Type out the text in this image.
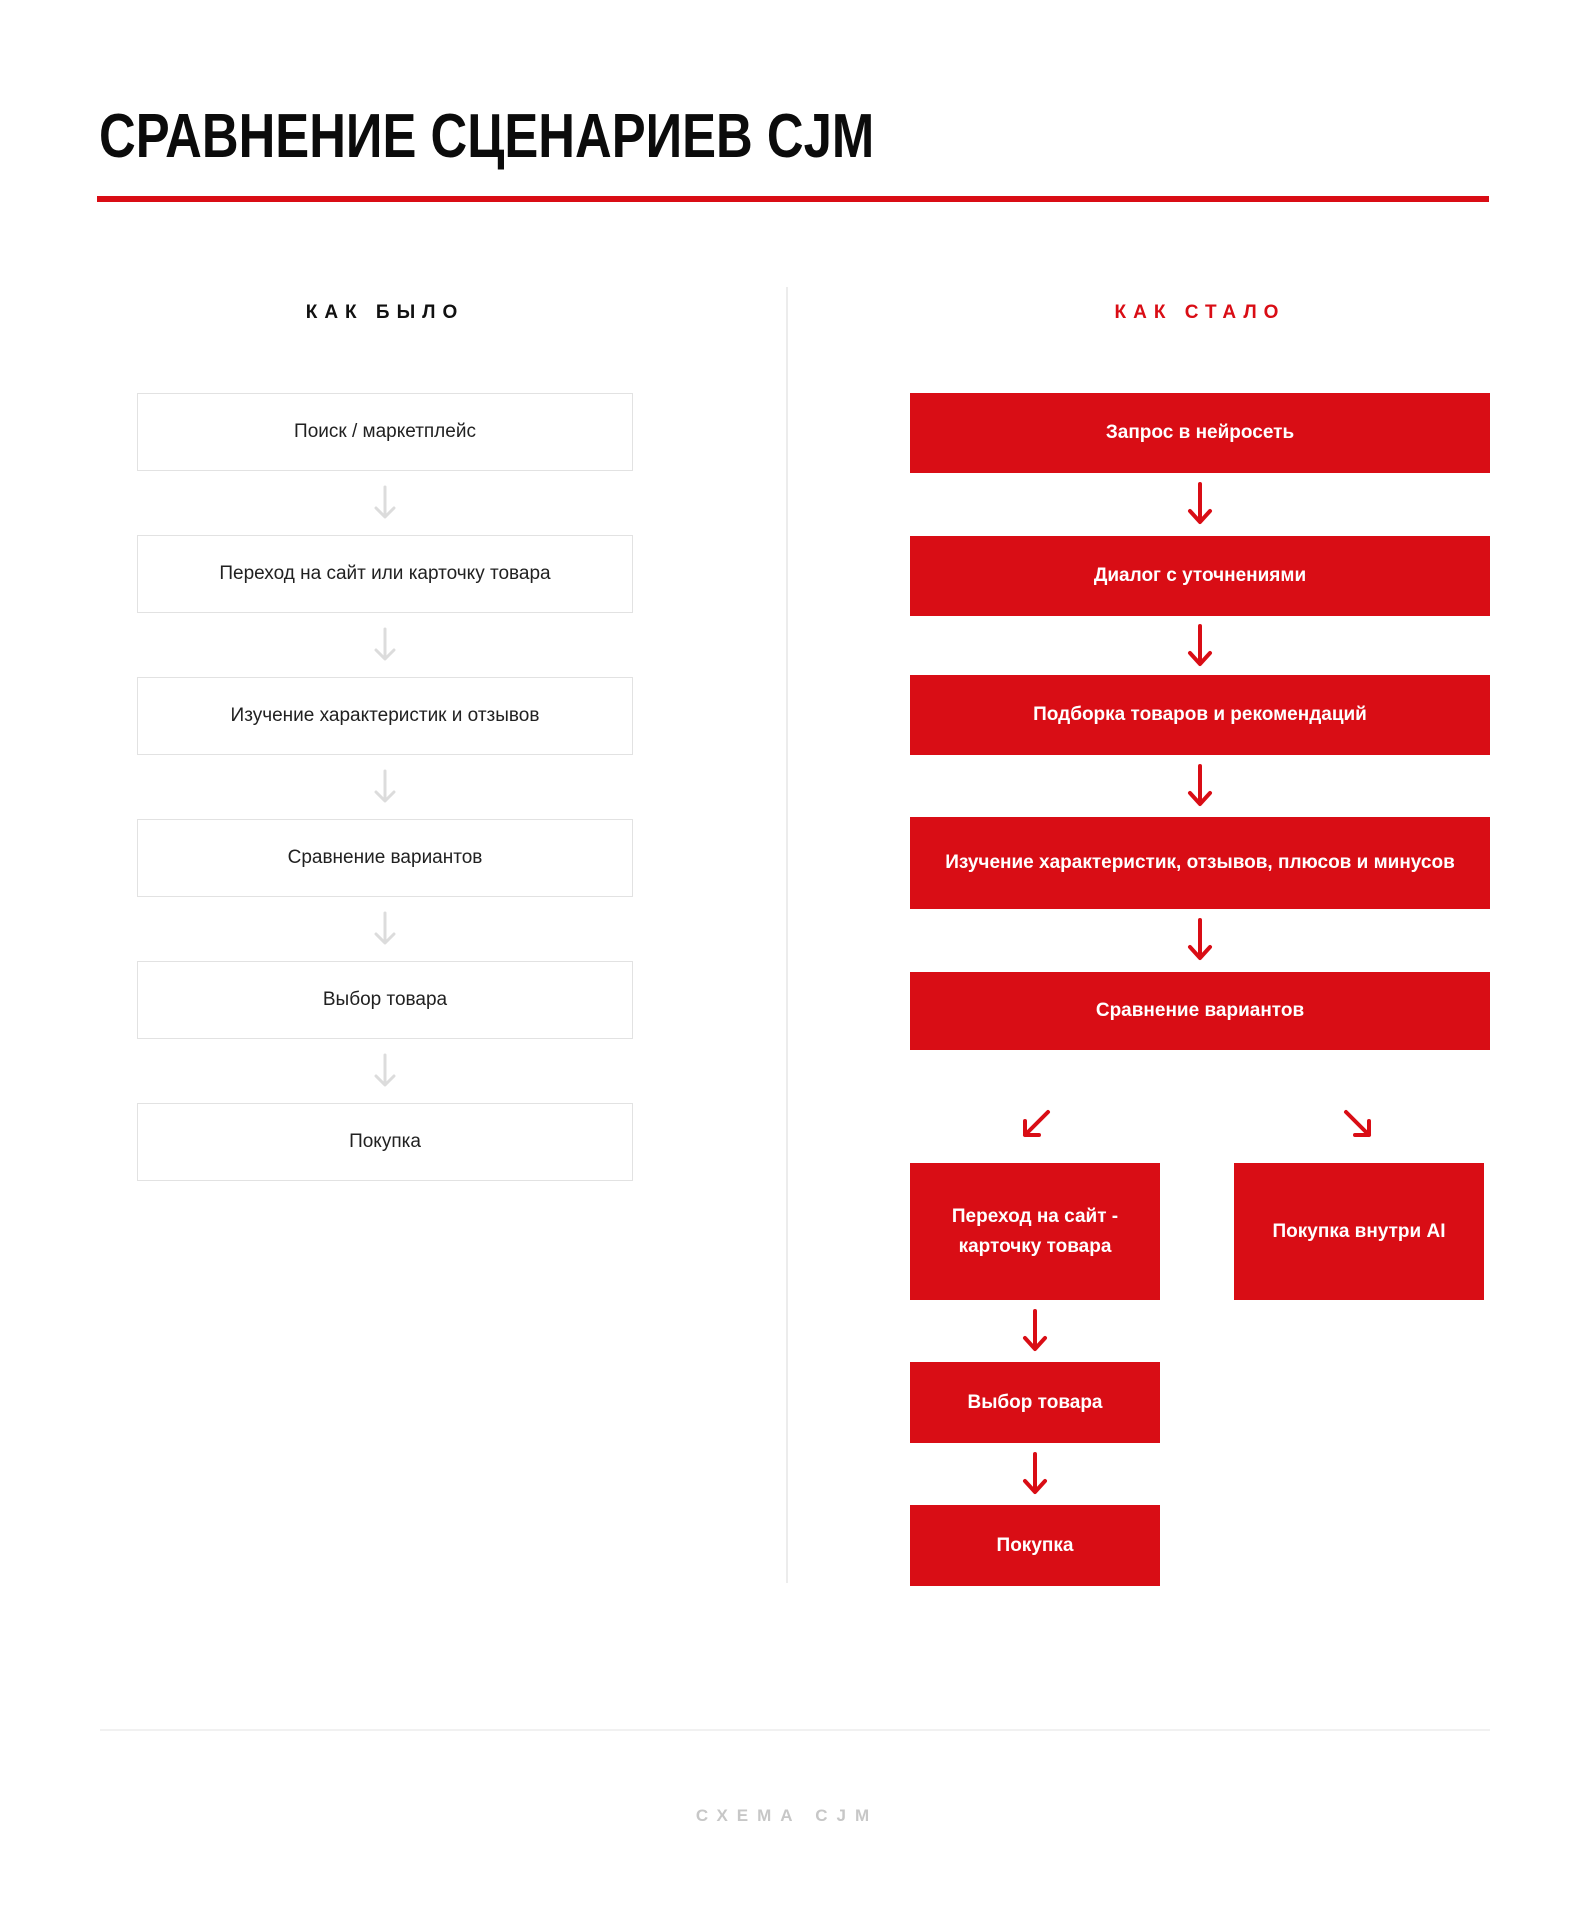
СРАВНЕНИЕ СЦЕНАРИЕВ CJM
КАК БЫЛО	КАК СТАЛО
Поиск / маркетплейс
Переход на сайт или карточку товара
Изучение характеристик и отзывов
Сравнение вариантов
Выбор товара
Покупка
Запрос в нейросеть
Диалог с уточнениями
Подборка товаров и рекомендаций
Изучение характеристик, отзывов, плюсов и минусов
Сравнение вариантов
Переход на сайт - карточку товара
Покупка внутри AI
Выбор товара
Покупка
СХЕМА CJM
